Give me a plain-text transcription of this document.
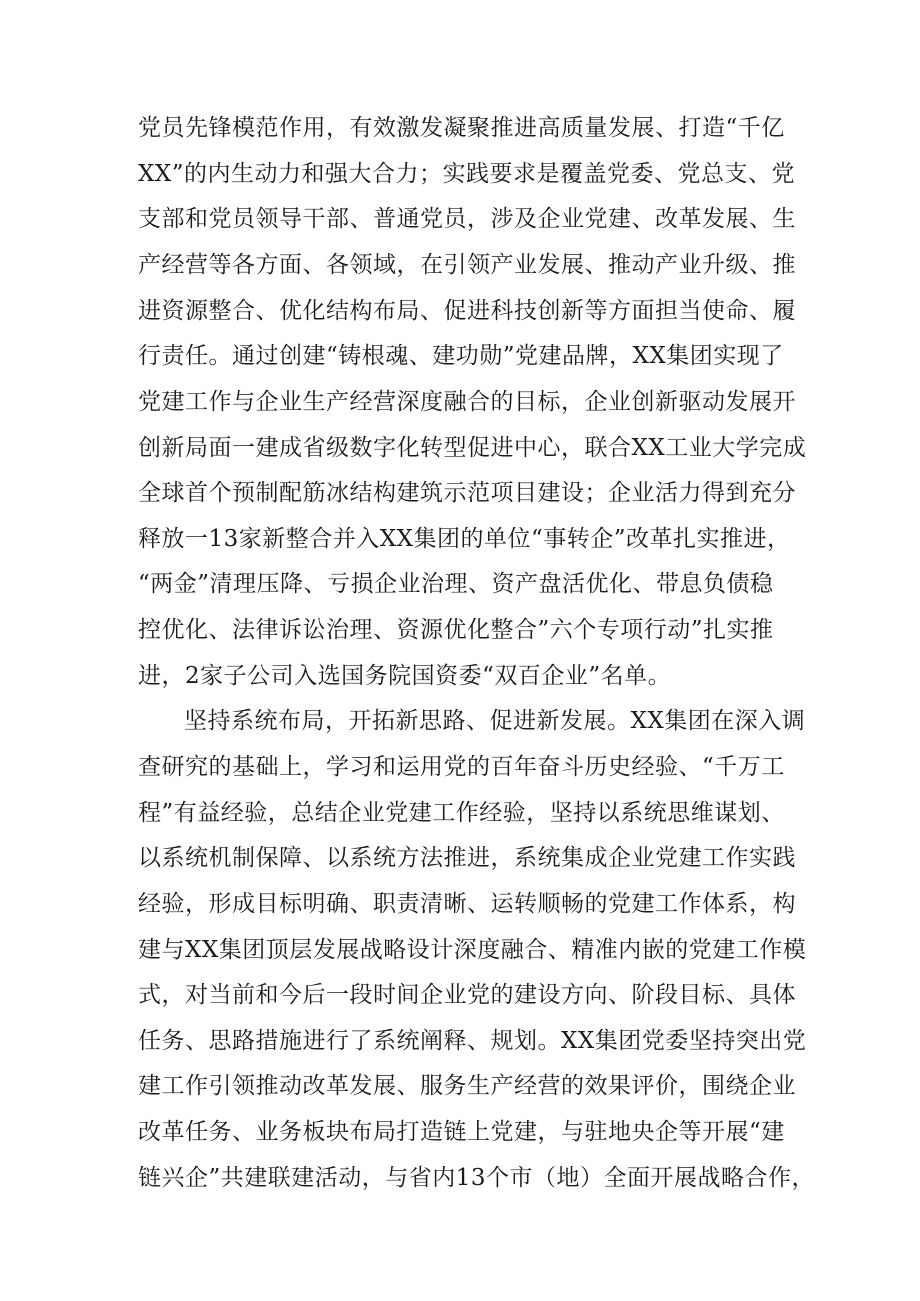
党员先锋模范作用，有效激发凝聚推进高质量发展、打造“千亿
XX”的内生动力和强大合力；实践要求是覆盖党委、党总支、党
支部和党员领导干部、普通党员，涉及企业党建、改革发展、生
产经营等各方面、各领域，在引领产业发展、推动产业升级、推
进资源整合、优化结构布局、促进科技创新等方面担当使命、履
行责任。通过创建“铸根魂、建功勋”党建品牌，XX集团实现了
党建工作与企业生产经营深度融合的目标，企业创新驱动发展开
创新局面一建成省级数字化转型促进中心，联合XX工业大学完成
全球首个预制配筋冰结构建筑示范项目建设；企业活力得到充分
释放一13家新整合并入XX集团的单位“事转企”改革扎实推进，
“两金”清理压降、亏损企业治理、资产盘活优化、带息负债稳
控优化、法律诉讼治理、资源优化整合”六个专项行动”扎实推
进，2家子公司入选国务院国资委“双百企业”名单。
坚持系统布局，开拓新思路、促进新发展。XX集团在深入调
查研究的基础上，学习和运用党的百年奋斗历史经验、“千万工
程”有益经验，总结企业党建工作经验，坚持以系统思维谋划、
以系统机制保障、以系统方法推进，系统集成企业党建工作实践
经验，形成目标明确、职责清晰、运转顺畅的党建工作体系，构
建与XX集团顶层发展战略设计深度融合、精准内嵌的党建工作模
式，对当前和今后一段时间企业党的建设方向、阶段目标、具体
任务、思路措施进行了系统阐释、规划。XX集团党委坚持突出党
建工作引领推动改革发展、服务生产经营的效果评价，围绕企业
改革任务、业务板块布局打造链上党建，与驻地央企等开展“建
链兴企”共建联建活动，与省内13个市（地）全面开展战略合作，
